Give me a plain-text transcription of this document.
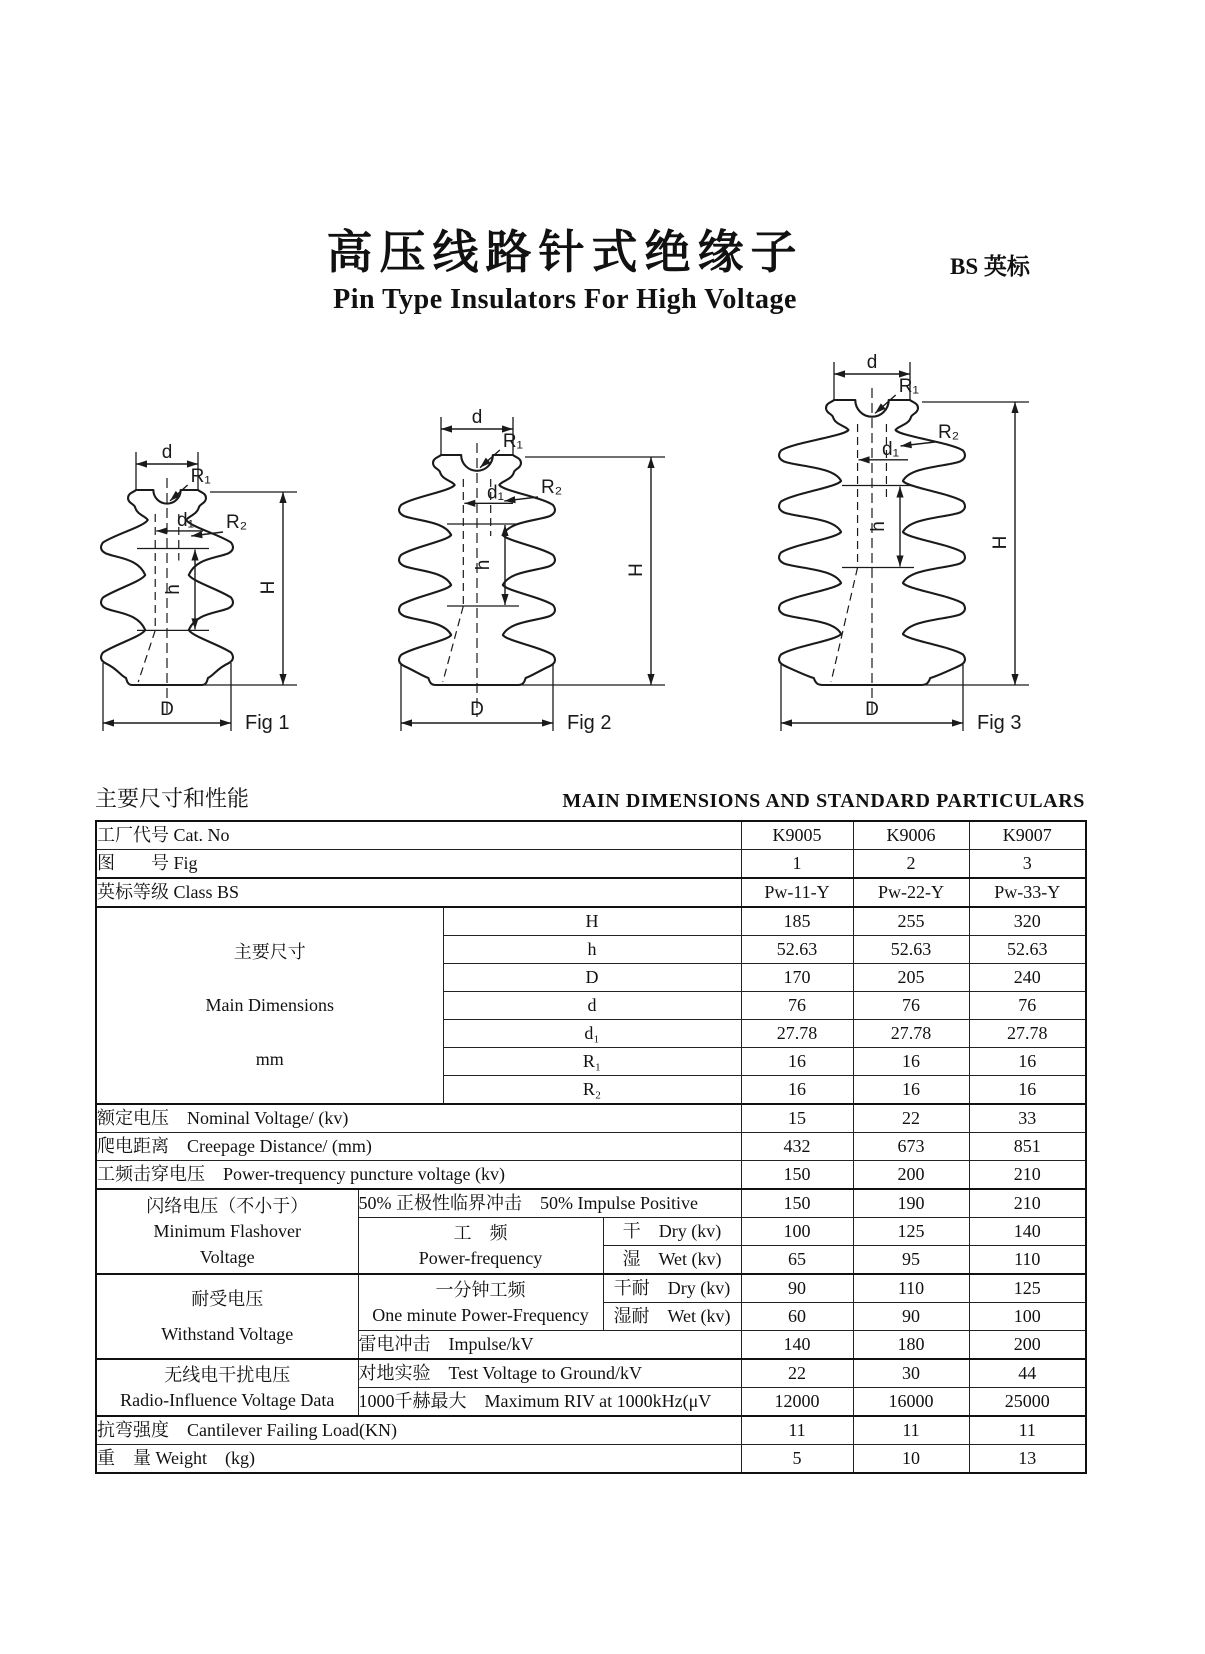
高压线路针式绝缘子
Pin Type Insulators For High Voltage
BS 英标
h
d
R₁
R₂
d₁
H
D
Fig 1
h
d
R₁
R₂
d₁
H
D
Fig 2
h
d
R₁
R₂
d₁
H
D
Fig 3
主要尺寸和性能	MAIN DIMENSIONS AND STANDARD PARTICULARS
工厂代号 Cat. No				K9005	K9006	K9007
图　　号 Fig				1	2	3
英标等级 Class BS				Pw-11-Y	Pw-22-Y	Pw-33-Y

主要尺寸
Main Dimensions
mm		H		185	255	320
		h		52.63	52.63	52.63
		D		170	205	240
		d		76	76	76
		d₁		27.78	27.78	27.78
		R₁		16	16	16
		R₂		16	16	16
额定电压　Nominal Voltage/ (kv)				15	22	33
爬电距离　Creepage Distance/ (mm)				432	673	851
工频击穿电压　Power-trequency puncture voltage (kv)				150	200	210

闪络电压（不小于）
Minimum Flashover
Voltage	50% 正极性临界冲击　50% Impulse Positive			150	190	210

	工　频
Power-frequency		干　Dry (kv)	100	125	140
			湿　Wet (kv)	65	95	110

耐受电压
Withstand Voltage

一分钟工频
One minute Power-Frequency
	干耐　Dry (kv)	90	110	125
			湿耐　Wet (kv)	60	90	100
	雷电冲击　Impulse/kV			140	180	200

无线电干扰电压
Radio-Influence Voltage Data	对地实验　Test Voltage to Ground/kV			22	30	44
	1000千赫最大　Maximum RIV at 1000kHz(μV			12000	16000	25000
抗弯强度　Cantilever Failing Load(KN)				11	11	11
重　量 Weight　(kg)				5	10	13
